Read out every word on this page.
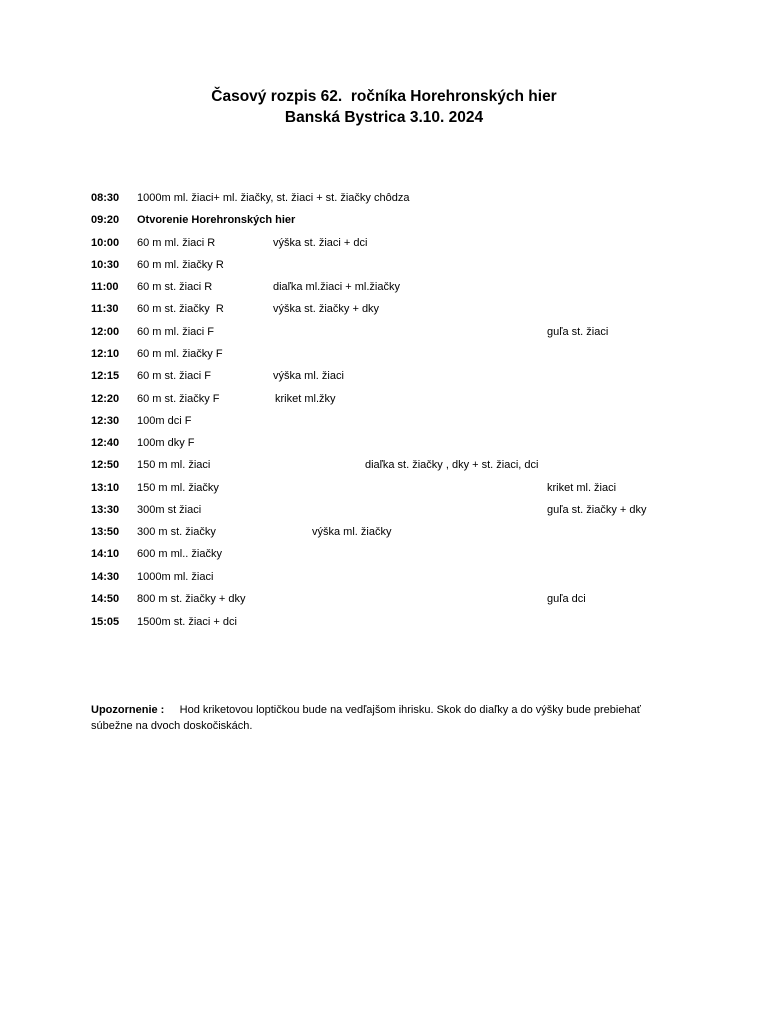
Časový rozpis 62.  ročníka Horehronských hier
Banská Bystrica 3.10. 2024
08:30 1000m ml. žiaci+ ml. žiačky, st. žiaci + st. žiačky chôdza
09:20 Otvorenie Horehronských hier
10:00 60 m ml. žiaci R	výška st. žiaci + dci
10:30 60 m ml. žiačky R
11:00 60 m st. žiaci R	diaľka ml.žiaci + ml.žiačky
11:30 60 m st. žiačky  R	výška st. žiačky + dky
12:00 60 m ml. žiaci F	guľa st. žiaci
12:10 60 m ml. žiačky F
12:15 60 m st. žiaci F	výška ml. žiaci
12:20 60 m st. žiačky F	kriket ml.žky
12:30 100m dci F
12:40 100m dky F
12:50 150 m ml. žiaci	diaľka st. žiačky , dky + st. žiaci, dci
13:10 150 m ml. žiačky	kriket ml. žiaci
13:30 300m st žiaci	guľa st. žiačky + dky
13:50 300 m st. žiačky	výška ml. žiačky
14:10 600 m ml.. žiačky
14:30 1000m ml. žiaci
14:50 800 m st. žiačky + dky	guľa dci
15:05 1500m st. žiaci + dci
Upozornenie : Hod kriketovou loptičkou bude na vedľajšom ihrisku. Skok do diaľky a do výšky bude prebiehať súbežne na dvoch doskočiskách.
